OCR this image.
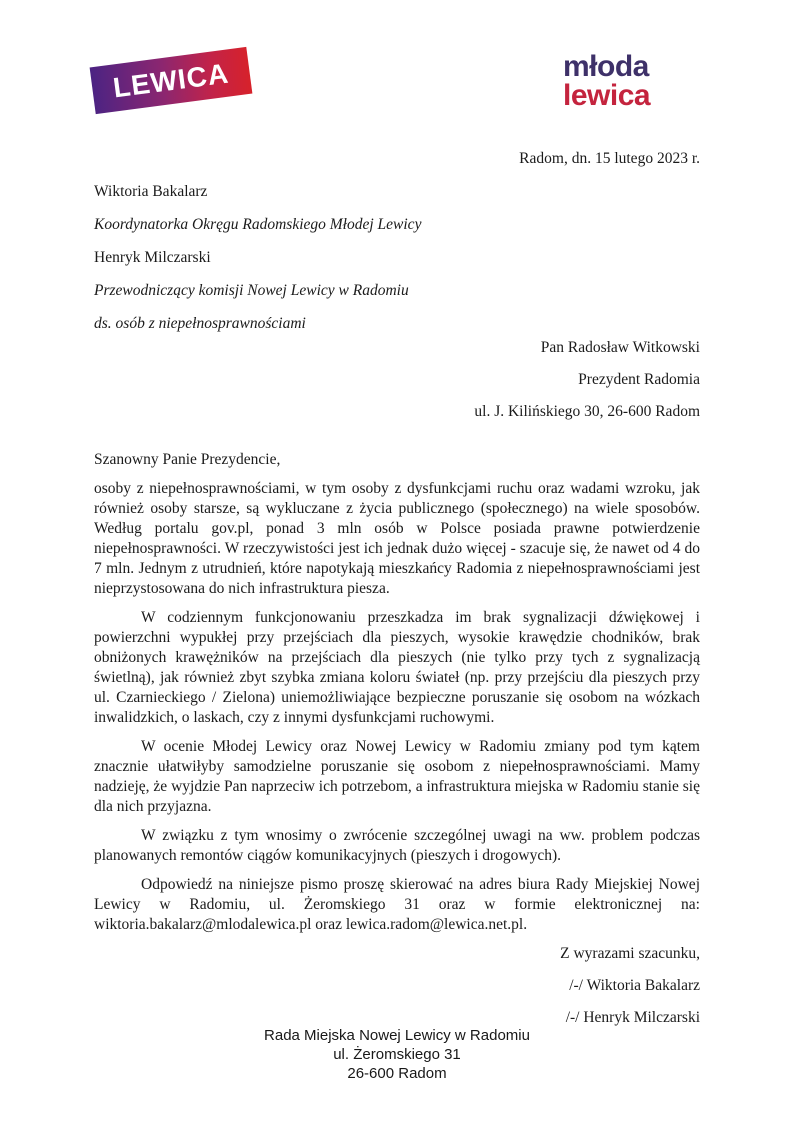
LEWICA	młoda
lewica
Radom, dn. 15 lutego 2023 r.

Wiktoria Bakalarz

Koordynatorka Okręgu Radomskiego Młodej Lewicy

Henryk Milczarski

Przewodniczący komisji Nowej Lewicy w Radomiu

ds. osób z niepełnosprawnościami

Pan Radosław Witkowski

Prezydent Radomia

ul. J. Kilińskiego 30, 26-600 Radom

Szanowny Panie Prezydencie,

osoby z niepełnosprawnościami, w tym osoby z dysfunkcjami ruchu oraz wadami wzroku, jak również osoby starsze, są wykluczane z życia publicznego (społecznego) na wiele sposobów. Według portalu gov.pl, ponad 3 mln osób w Polsce posiada prawne potwierdzenie niepełnosprawności. W rzeczywistości jest ich jednak dużo więcej - szacuje się, że nawet od 4 do 7 mln. Jednym z utrudnień, które napotykają mieszkańcy Radomia z niepełnosprawnościami jest nieprzystosowana do nich infrastruktura piesza.

W codziennym funkcjonowaniu przeszkadza im brak sygnalizacji dźwiękowej i powierzchni wypukłej przy przejściach dla pieszych, wysokie krawędzie chodników, brak obniżonych krawężników na przejściach dla pieszych (nie tylko przy tych z sygnalizacją świetlną), jak również zbyt szybka zmiana koloru świateł (np. przy przejściu dla pieszych przy ul. Czarnieckiego / Zielona) uniemożliwiające bezpieczne poruszanie się osobom na wózkach inwalidzkich, o laskach, czy z innymi dysfunkcjami ruchowymi.

W ocenie Młodej Lewicy oraz Nowej Lewicy w Radomiu zmiany pod tym kątem znacznie ułatwiłyby samodzielne poruszanie się osobom z niepełnosprawnościami. Mamy nadzieję, że wyjdzie Pan naprzeciw ich potrzebom, a infrastruktura miejska w Radomiu stanie się dla nich przyjazna.

W związku z tym wnosimy o zwrócenie szczególnej uwagi na ww. problem podczas planowanych remontów ciągów komunikacyjnych (pieszych i drogowych).

Odpowiedź na niniejsze pismo proszę skierować na adres biura Rady Miejskiej Nowej Lewicy w Radomiu, ul. Żeromskiego 31 oraz w formie elektronicznej na: wiktoria.bakalarz@mlodalewica.pl oraz lewica.radom@lewica.net.pl.

Z wyrazami szacunku,

/-/ Wiktoria Bakalarz

/-/ Henryk Milczarski

Rada Miejska Nowej Lewicy w Radomiu

ul. Żeromskiego 31

26-600 Radom
